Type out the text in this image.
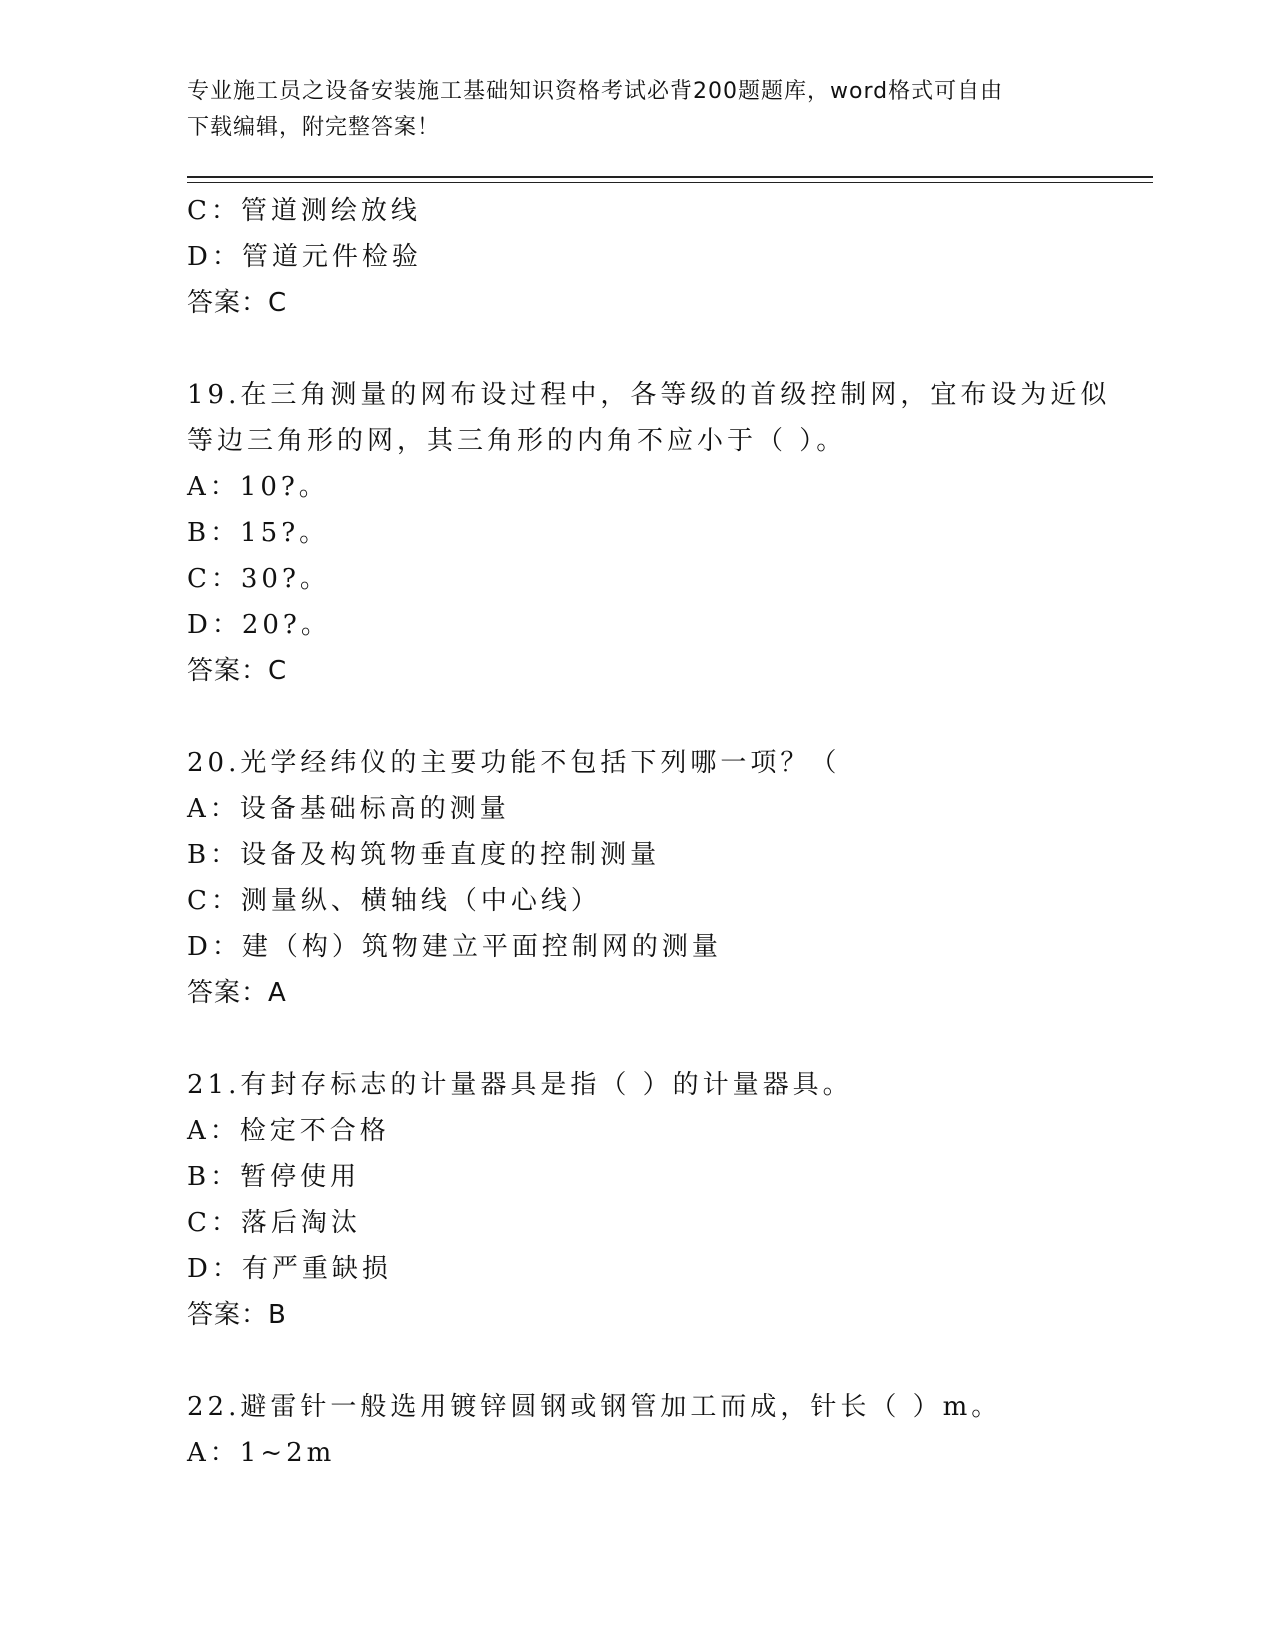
专业施工员之设备安装施工基础知识资格考试必背200题题库，word格式可自由
下载编辑，附完整答案！
C：管道测绘放线
D：管道元件检验
答案：C
19.在三角测量的网布设过程中，各等级的首级控制网，宜布设为近似
等边三角形的网，其三角形的内角不应小于（ ）。
A：10?。
B：15?。
C：30?。
D：20?。
答案：C
20.光学经纬仪的主要功能不包括下列哪一项？（
A：设备基础标高的测量
B：设备及构筑物垂直度的控制测量
C：测量纵、横轴线（中心线）
D：建（构）筑物建立平面控制网的测量
答案：A
21.有封存标志的计量器具是指（ ）的计量器具。
A：检定不合格
B：暂停使用
C：落后淘汰
D：有严重缺损
答案：B
22.避雷针一般选用镀锌圆钢或钢管加工而成，针长（ ）m。
A：1~2m
